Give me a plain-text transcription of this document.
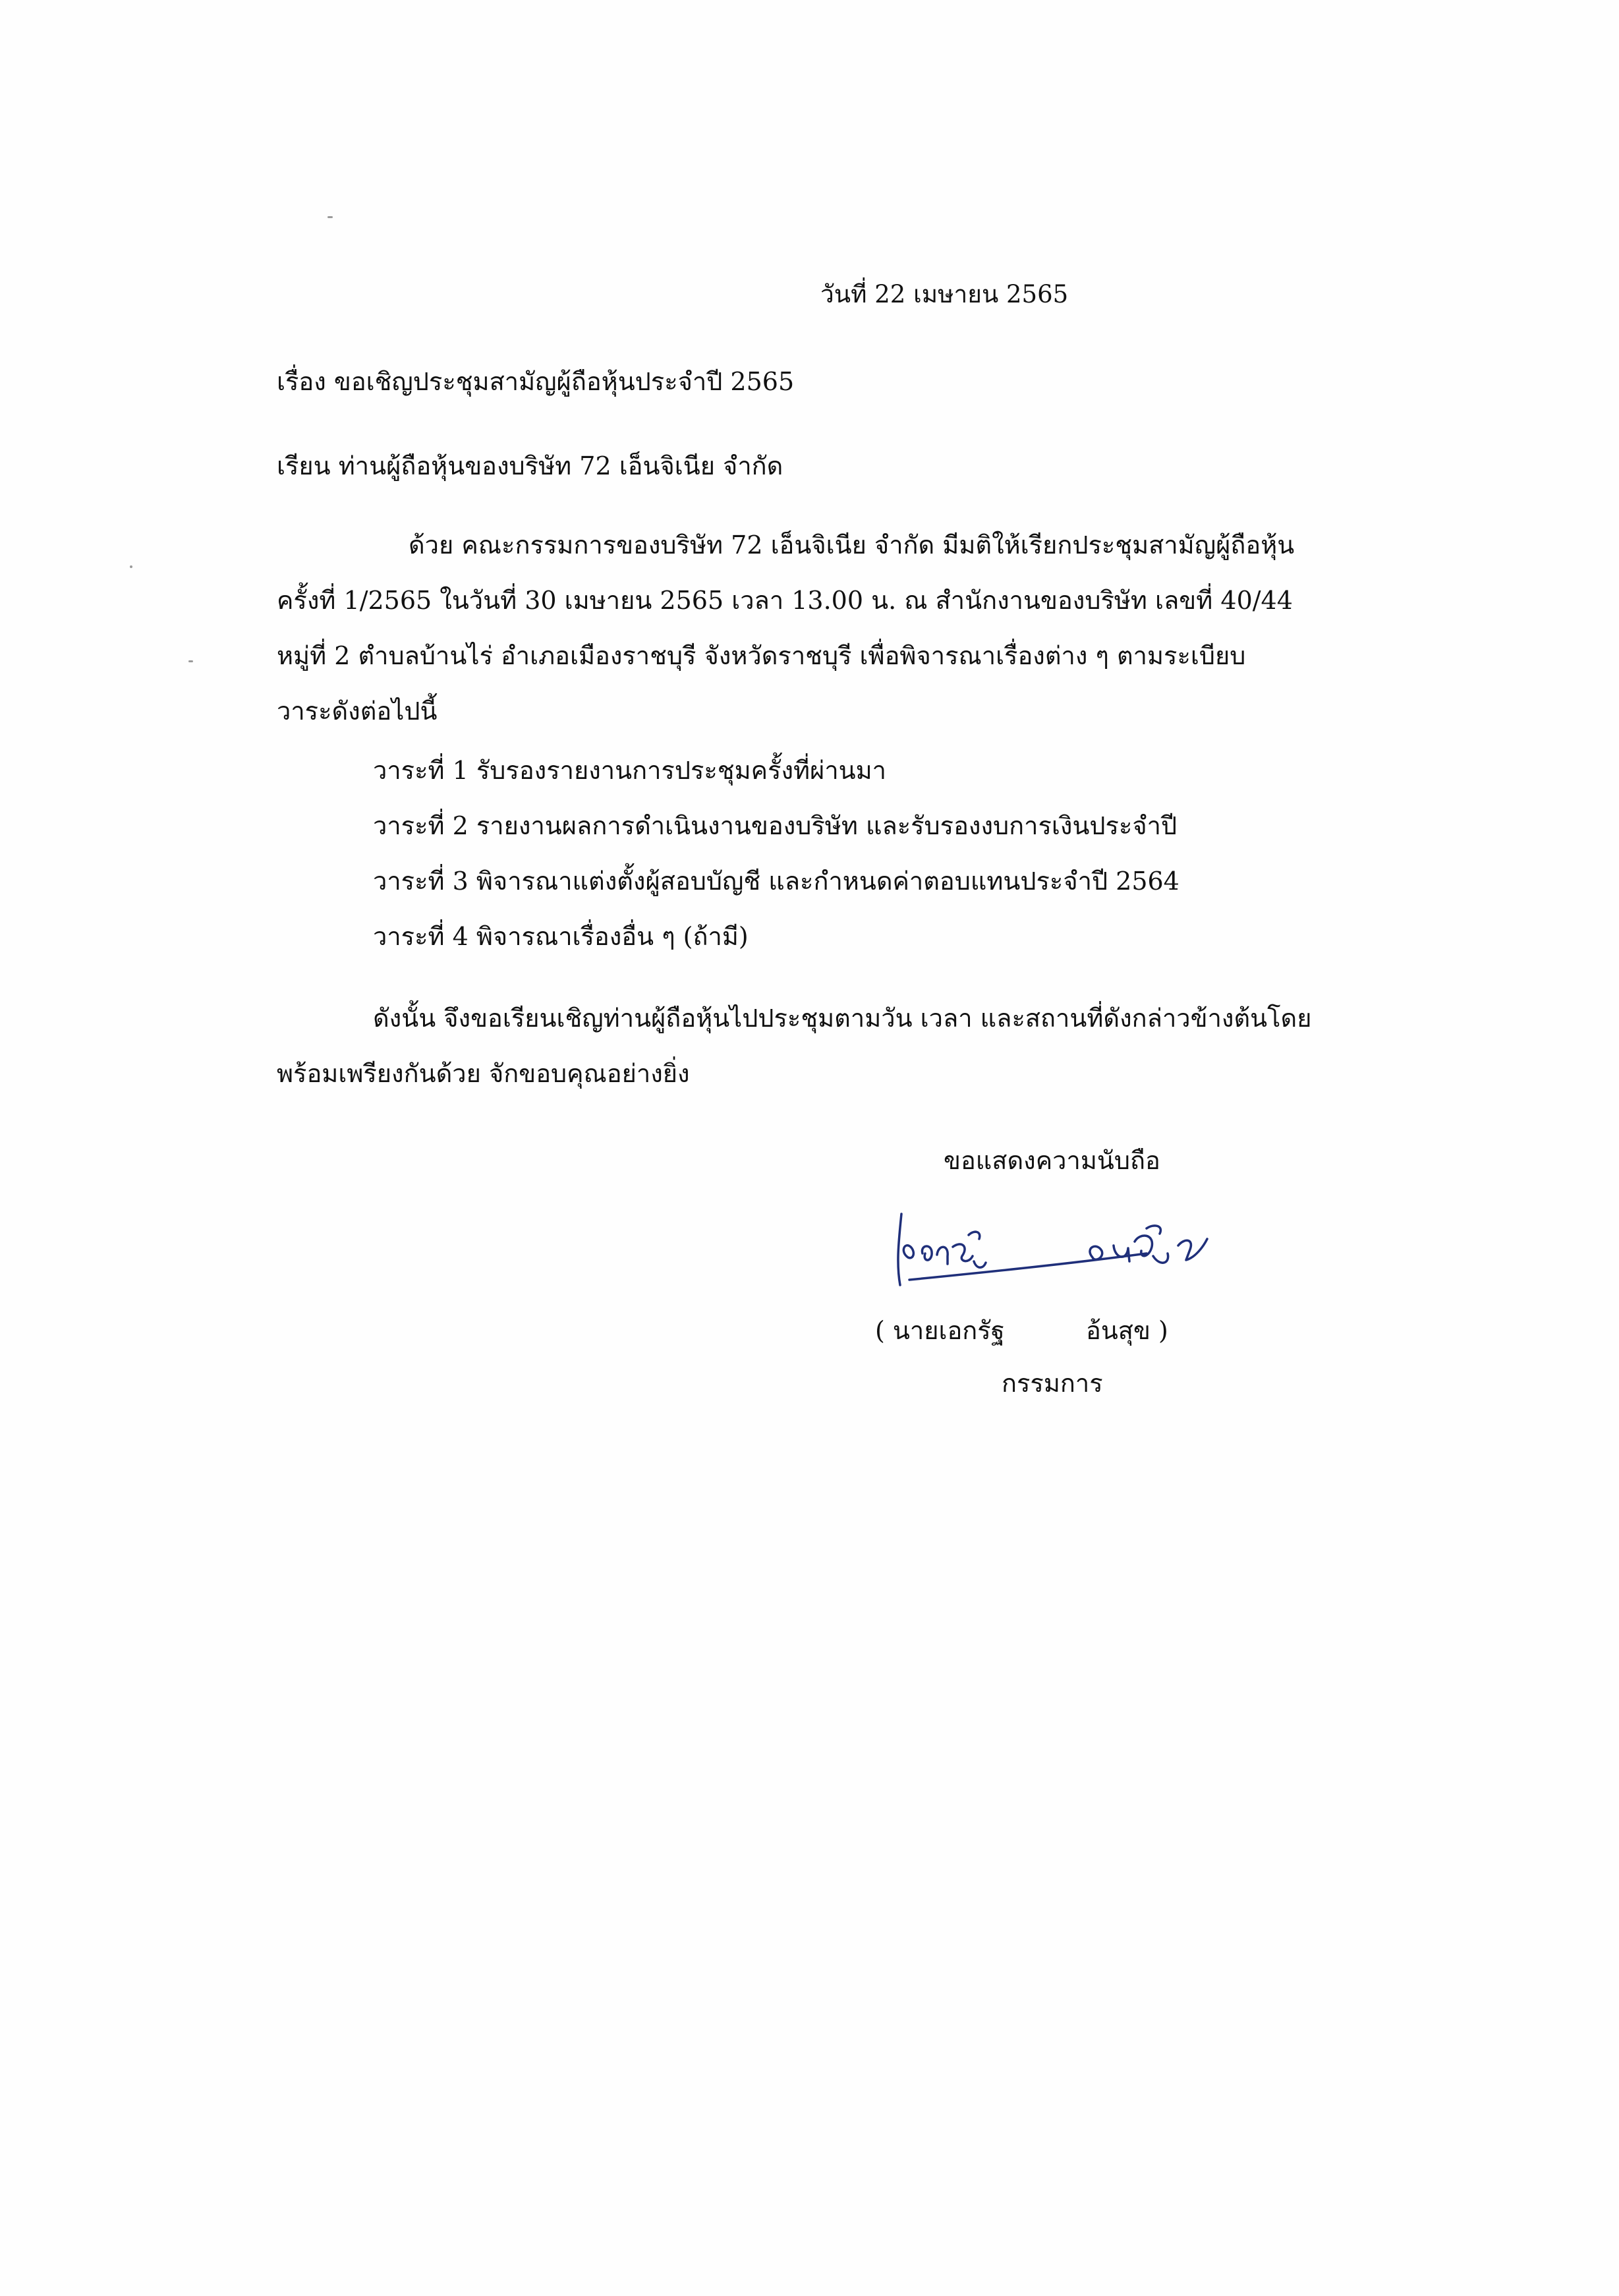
วันที่ 22 เมษายน 2565
เรื่อง ขอเชิญประชุมสามัญผู้ถือหุ้นประจำปี 2565
เรียน ท่านผู้ถือหุ้นของบริษัท 72 เอ็นจิเนีย จำกัด
ด้วย คณะกรรมการของบริษัท 72 เอ็นจิเนีย จำกัด มีมติให้เรียกประชุมสามัญผู้ถือหุ้น
ครั้งที่ 1/2565 ในวันที่ 30 เมษายน 2565 เวลา 13.00 น. ณ สำนักงานของบริษัท เลขที่ 40/44
หมู่ที่ 2 ตำบลบ้านไร่ อำเภอเมืองราชบุรี จังหวัดราชบุรี เพื่อพิจารณาเรื่องต่าง ๆ ตามระเบียบ
วาระดังต่อไปนี้
วาระที่ 1 รับรองรายงานการประชุมครั้งที่ผ่านมา
วาระที่ 2 รายงานผลการดำเนินงานของบริษัท และรับรองงบการเงินประจำปี
วาระที่ 3 พิจารณาแต่งตั้งผู้สอบบัญชี และกำหนดค่าตอบแทนประจำปี 2564
วาระที่ 4 พิจารณาเรื่องอื่น ๆ (ถ้ามี)
ดังนั้น จึงขอเรียนเชิญท่านผู้ถือหุ้นไปประชุมตามวัน เวลา และสถานที่ดังกล่าวข้างต้นโดย
พร้อมเพรียงกันด้วย จักขอบคุณอย่างยิ่ง
ขอแสดงความนับถือ
( นายเอกรัฐ	อ้นสุข )
กรรมการ
